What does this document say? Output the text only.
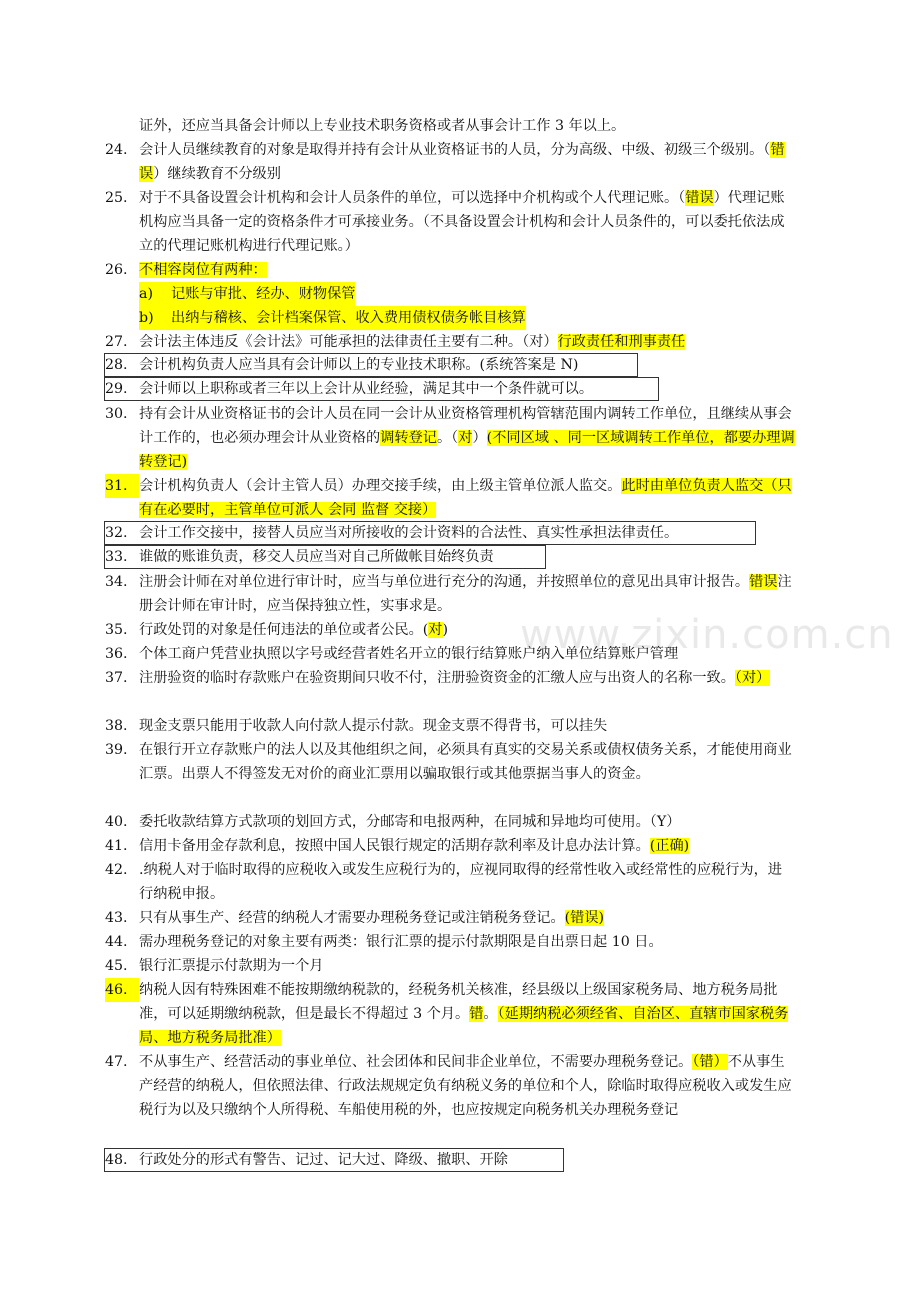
www.zixin.com.cn
证外，还应当具备会计师以上专业技术职务资格或者从事会计工作 3 年以上。
24. 会计人员继续教育的对象是取得并持有会计从业资格证书的人员，分为高级、中级、初级三个级别。（错误）继续教育不分级别
25. 对于不具备设置会计机构和会计人员条件的单位，可以选择中介机构或个人代理记账。（错误）代理记账机构应当具备一定的资格条件才可承接业务。（不具备设置会计机构和会计人员条件的，可以委托依法成立的代理记账机构进行代理记账。）
26. 不相容岗位有两种：
a) 记账与审批、经办、财物保管
b) 出纳与稽核、会计档案保管、收入费用债权债务帐目核算
27. 会计法主体违反《会计法》可能承担的法律责任主要有二种。（对）行政责任和刑事责任
28. 会计机构负责人应当具有会计师以上的专业技术职称。(系统答案是 N)
29. 会计师以上职称或者三年以上会计从业经验，满足其中一个条件就可以。
30. 持有会计从业资格证书的会计人员在同一会计从业资格管理机构管辖范围内调转工作单位，且继续从事会计工作的，也必须办理会计从业资格的调转登记。（对）(不同区域 、同一区域调转工作单位，都要办理调转登记)
31. 会计机构负责人（会计主管人员）办理交接手续，由上级主管单位派人监交。此时由单位负责人监交（只有在必要时，主管单位可派人 会同 监督 交接）
32. 会计工作交接中，接替人员应当对所接收的会计资料的合法性、真实性承担法律责任。
33. 谁做的账谁负责，移交人员应当对自己所做帐目始终负责
34. 注册会计师在对单位进行审计时，应当与单位进行充分的沟通，并按照单位的意见出具审计报告。错误注册会计师在审计时，应当保持独立性，实事求是。
35. 行政处罚的对象是任何违法的单位或者公民。(对)
36. 个体工商户凭营业执照以字号或经营者姓名开立的银行结算账户纳入单位结算账户管理
37. 注册验资的临时存款账户在验资期间只收不付，注册验资资金的汇缴人应与出资人的名称一致。（对）
38. 现金支票只能用于收款人向付款人提示付款。现金支票不得背书，可以挂失
39. 在银行开立存款账户的法人以及其他组织之间，必须具有真实的交易关系或债权债务关系，才能使用商业汇票。出票人不得签发无对价的商业汇票用以骗取银行或其他票据当事人的资金。
40. 委托收款结算方式款项的划回方式，分邮寄和电报两种，在同城和异地均可使用。（Y）
41. 信用卡备用金存款利息，按照中国人民银行规定的活期存款利率及计息办法计算。(正确)
42. .纳税人对于临时取得的应税收入或发生应税行为的，应视同取得的经常性收入或经常性的应税行为，进行纳税申报。
43. 只有从事生产、经营的纳税人才需要办理税务登记或注销税务登记。(错误)
44. 需办理税务登记的对象主要有两类：银行汇票的提示付款期限是自出票日起 10 日。
45. 银行汇票提示付款期为一个月
46. 纳税人因有特殊困难不能按期缴纳税款的，经税务机关核准，经县级以上级国家税务局、地方税务局批准，可以延期缴纳税款，但是最长不得超过 3 个月。错。（延期纳税必须经省、自治区、直辖市国家税务局、地方税务局批准）
47. 不从事生产、经营活动的事业单位、社会团体和民间非企业单位，不需要办理税务登记。（错）不从事生产经营的纳税人，但依照法律、行政法规规定负有纳税义务的单位和个人，除临时取得应税收入或发生应税行为以及只缴纳个人所得税、车船使用税的外，也应按规定向税务机关办理税务登记
48. 行政处分的形式有警告、记过、记大过、降级、撤职、开除
